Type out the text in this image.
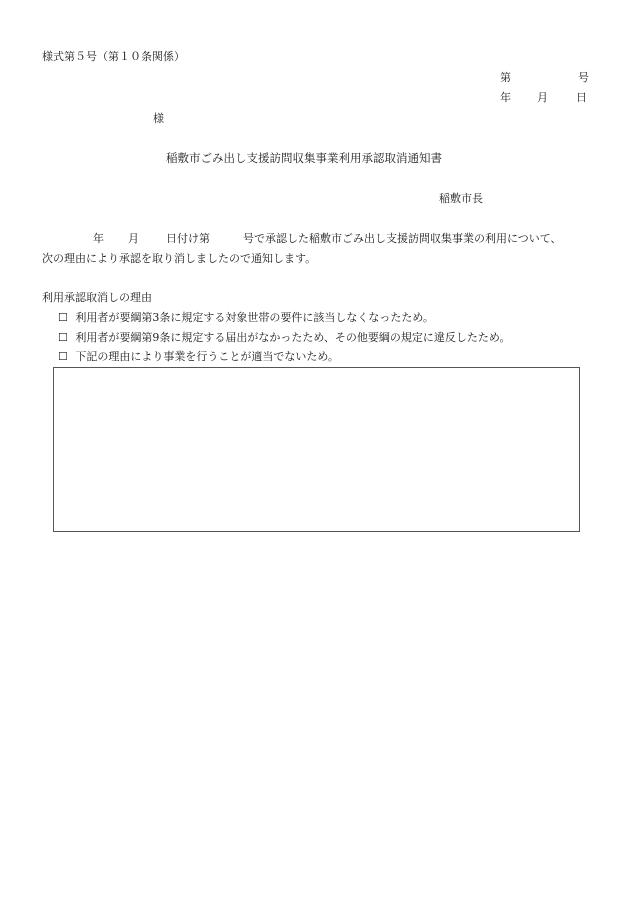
様式第５号（第１０条関係）
第	号
年 月	日
様
稲敷市ごみ出し支援訪問収集事業利用承認取消通知書
稲敷市長
年 月 日付け第	号で承認した稲敷市ごみ出し支援訪問収集事業の利用について、
次の理由により承認を取り消しましたので通知します。
利用承認取消しの理由
☐ 利用者が要綱第3条に規定する対象世帯の要件に該当しなくなったため。
☐ 利用者が要綱第9条に規定する届出がなかったため、その他要綱の規定に違反したため。
☐ 下記の理由により事業を行うことが適当でないため。
